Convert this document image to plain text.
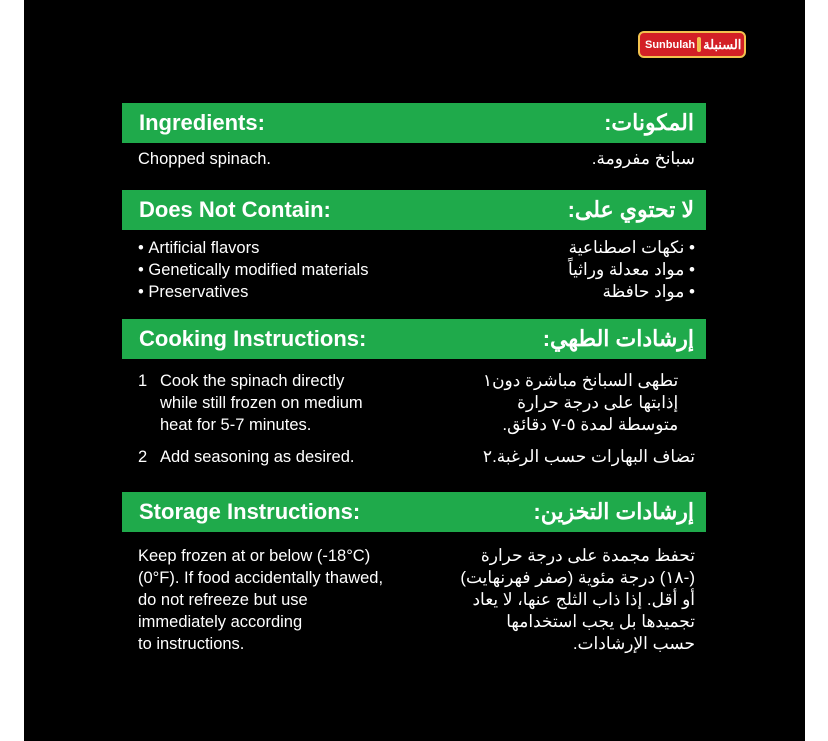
Sunbulah السنبلة
Ingredients:	المكونات:
Chopped spinach.	سبانخ مفرومة.
Does Not Contain:	لا تحتوي على:
• Artificial flavors
• Genetically modified materials
• Preservatives
• نكهات اصطناعية
• مواد معدلة وراثياً
• مواد حافظة
Cooking Instructions:	إرشادات الطهي:
1 Cook the spinach directly
while still frozen on medium
heat for 5-7 minutes.
2 Add seasoning as desired.
١ تطهى السبانخ مباشرة دون
إذابتها على درجة حرارة
متوسطة لمدة ٥-٧ دقائق.
٢ تضاف البهارات حسب الرغبة.
Storage Instructions:	إرشادات التخزين:
Keep frozen at or below (-18°C)
(0°F). If food accidentally thawed,
do not refreeze but use
immediately according
to instructions.
تحفظ مجمدة على درجة حرارة
(-١٨) درجة مئوية (صفر فهرنهايت)
أو أقل. إذا ذاب الثلج عنها، لا يعاد
تجميدها بل يجب استخدامها
حسب الإرشادات.
